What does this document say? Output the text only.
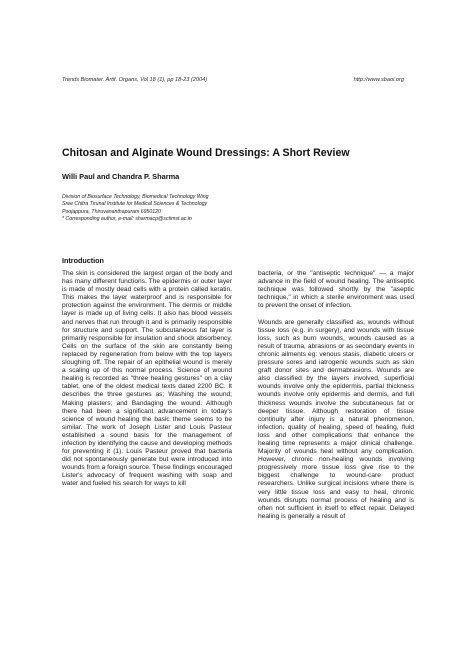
Trends Biomater. Artif. Organs, Vol 18 (1), pp 18-23 (2004)	http://www.sbaoi.org
Chitosan and Alginate Wound Dressings: A Short Review
Willi Paul and Chandra P. Sharma
Division of Biosurface Technology, Biomedical Technology Wing
Sree Chitra Tirunal Institute for Medical Sciences & Technology
Poojappura, Thiruvananthapuram 6950120
* Corresponding author, e-mail: sharmacp@sctimst.ac.in
Introduction

The skin is considered the largest organ of the body and has many different functions. The epidermis or outer layer is made of mostly dead cells with a protein called keratin. This makes the layer waterproof and is responsible for protection against the environment. The dermis or middle layer is made up of living cells. It also has blood vessels and nerves that run through it and is primarily responsible for structure and support. The subcutaneous fat layer is primarily responsible for insulation and shock absorbency. Cells on the surface of the skin are constantly being replaced by regeneration from below with the top layers sloughing off. The repair of an epithelial wound is merely a scaling up of this normal process. Science of wound healing is recorded as "three healing gestures" on a clay tablet, one of the oldest medical texts dated 2200 BC. It describes the three gestures as; Washing the wound; Making plasters; and Bandaging the wound. Although there had been a significant advancement in today's science of wound healing the basic theme seems to be similar. The work of Joseph Lister and Louis Pasteur established a sound basis for the management of infection by identifying the cause and developing methods for preventing it (1). Louis Pasteur proved that bacteria did not spontaneously generate but were introduced into wounds from a foreign source. These findings encouraged Lister's advocacy of frequent washing with soap and water and fueled his search for ways to kill

bacteria, or the "antiseptic technique" — a major advance in the field of wound healing. The antiseptic technique was followed shortly by the "aseptic technique," in which a sterile environment was used to prevent the onset of infection.

Wounds are generally classified as, wounds without tissue loss (e.g. in surgery), and wounds with tissue loss, such as burn wounds, wounds caused as a result of trauma, abrasions or as secondary events in chronic ailments eg: venous stasis, diabetic ulcers or pressure sores and iatrogenic wounds such as skin graft donor sites and dermabrasions. Wounds are also classified by the layers involved, superficial wounds involve only the epidermis, partial thickness wounds involve only epidermis and dermis, and full thickness wounds involve the subcutaneous fat or deeper tissue. Although restoration of tissue continuity after injury is a natural phenomenon, infection, quality of healing, speed of healing, fluid loss and other complications that enhance the healing time represents a major clinical challenge. Majority of wounds heal without any complication. However, chronic non-healing wounds involving progressively more tissue loss give rise to the biggest challenge to wound-care product researchers. Unlike surgical incisions where there is very little tissue loss and easy to heal, chronic wounds disrupts normal process of healing and is often not sufficient in itself to effect repair. Delayed healing is generally a result of
